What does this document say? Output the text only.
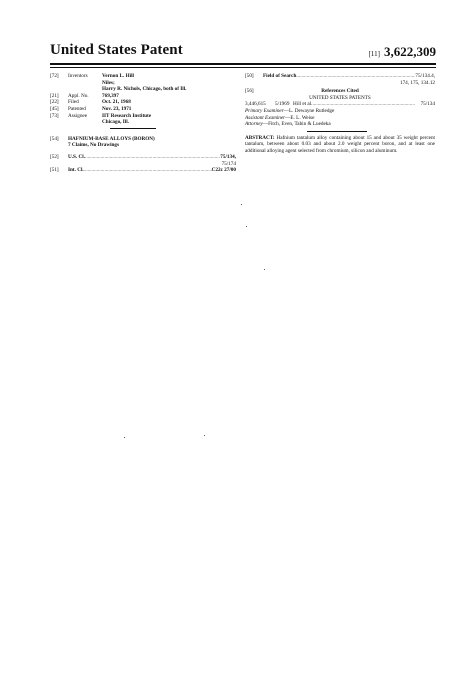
United States Patent	[11] 3,622,309
[72]	Inventors	Vernon L. Hill
Niles;
Harry R. Nichols, Chicago, both of Ill.
[21]	Appl. No.	769,397
[22]	Filed	Oct. 21, 1968
[45]	Patented	Nov. 23, 1971
[73]	Assignee	IIT Research Institute
Chicago, Ill.
[54]	HAFNIUM-BASE ALLOYS (BORON)
7 Claims, No Drawings
[52]	U.S. Cl. .....	75/134,
75/174
[51]	Int. Cl. .....	C22c 27/00
[50]	Field of Search .....	75/134.4,
174, 175, 134.12
[56]	References Cited
UNITED STATES PATENTS
3,446,615	5/1969 Hill et al. .....	75/134
Primary Examiner —L. Dewayne Rutledge
Assistant Examiner —E. L. Weise
Attorney —Fitch, Even, Tabin & Luedeka
ABSTRACT: Hafnium tantalum alloy containing about 15 and about 35 weight percent tantalum, between about 0.03 and about 2.0 weight percent boron, and at least one additional alloying agent selected from chromium, silicon and aluminum.
